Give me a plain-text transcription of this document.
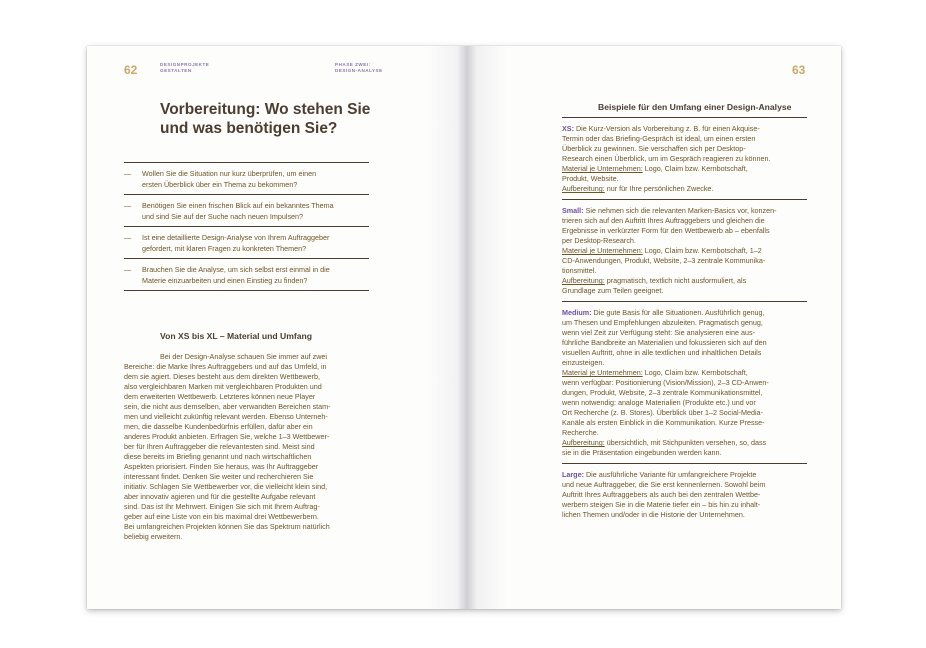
62	DESIGNPROJEKTE
GESTALTEN
PHASE ZWEI:
DESIGN-ANALYSE
Vorbereitung: Wo stehen Sie
und was benötigen Sie?
— Wollen Sie die Situation nur kurz überprüfen, um einen
ersten Überblick über ein Thema zu bekommen?
— Benötigen Sie einen frischen Blick auf ein bekanntes Thema
und sind Sie auf der Suche nach neuen Impulsen?
— Ist eine detaillierte Design-Analyse von Ihrem Auftraggeber
gefordert, mit klaren Fragen zu konkreten Themen?
— Brauchen Sie die Analyse, um sich selbst erst einmal in die
Materie einzuarbeiten und einen Einstieg zu finden?
Von XS bis XL – Material und Umfang
Bei der Design-Analyse schauen Sie immer auf zwei
Bereiche: die Marke Ihres Auftraggebers und auf das Umfeld, in
dem sie agiert. Dieses besteht aus dem direkten Wettbewerb,
also vergleichbaren Marken mit vergleichbaren Produkten und
dem erweiterten Wettbewerb. Letzteres können neue Player
sein, die nicht aus demselben, aber verwandten Bereichen stam-
men und vielleicht zukünftig relevant werden. Ebenso Unterneh-
men, die dasselbe Kundenbedürfnis erfüllen, dafür aber ein
anderes Produkt anbieten. Erfragen Sie, welche 1–3 Wettbewer-
ber für Ihren Auftraggeber die relevantesten sind. Meist sind
diese bereits im Briefing genannt und nach wirtschaftlichen
Aspekten priorisiert. Finden Sie heraus, was Ihr Auftraggeber
interessant findet. Denken Sie weiter und recherchieren Sie
initiativ. Schlagen Sie Wettbewerber vor, die vielleicht klein sind,
aber innovativ agieren und für die gestellte Aufgabe relevant
sind. Das ist Ihr Mehrwert. Einigen Sie sich mit Ihrem Auftrag-
geber auf eine Liste von ein bis maximal drei Wettbewerbern.
Bei umfangreichen Projekten können Sie das Spektrum natürlich
beliebig erweitern.
63
Beispiele für den Umfang einer Design-Analyse
XS: Die Kurz-Version als Vorbereitung z. B. für einen Akquise-
Termin oder das Briefing-Gespräch ist ideal, um einen ersten
Überblick zu gewinnen. Sie verschaffen sich per Desktop-
Research einen Überblick, um im Gespräch reagieren zu können.
Material je Unternehmen: Logo, Claim bzw. Kernbotschaft,
Produkt, Website.
Aufbereitung: nur für Ihre persönlichen Zwecke.
Small: Sie nehmen sich die relevanten Marken-Basics vor, konzen-
trieren sich auf den Auftritt Ihres Auftraggebers und gleichen die
Ergebnisse in verkürzter Form für den Wettbewerb ab – ebenfalls
per Desktop-Research.
Material je Unternehmen: Logo, Claim bzw. Kernbotschaft, 1–2
CD-Anwendungen, Produkt, Website, 2–3 zentrale Kommunika-
tionsmittel.
Aufbereitung: pragmatisch, textlich nicht ausformuliert, als
Grundlage zum Teilen geeignet.
Medium: Die gute Basis für alle Situationen. Ausführlich genug,
um Thesen und Empfehlungen abzuleiten. Pragmatisch genug,
wenn viel Zeit zur Verfügung steht: Sie analysieren eine aus-
führliche Bandbreite an Materialien und fokussieren sich auf den
visuellen Auftritt, ohne in alle textlichen und inhaltlichen Details
einzusteigen.
Material je Unternehmen: Logo, Claim bzw. Kernbotschaft,
wenn verfügbar: Positionierung (Vision/Mission), 2–3 CD-Anwen-
dungen, Produkt, Website, 2–3 zentrale Kommunikationsmittel,
wenn notwendig: analoge Materialien (Produkte etc.) und vor
Ort Recherche (z. B. Stores). Überblick über 1–2 Social-Media-
Kanäle als ersten Einblick in die Kommunikation. Kurze Presse-
Recherche.
Aufbereitung: übersichtlich, mit Stichpunkten versehen, so, dass
sie in die Präsentation eingebunden werden kann.
Large: Die ausführliche Variante für umfangreichere Projekte
und neue Auftraggeber, die Sie erst kennenlernen. Sowohl beim
Auftritt Ihres Auftraggebers als auch bei den zentralen Wettbe-
werbern steigen Sie in die Materie tiefer ein – bis hin zu inhalt-
lichen Themen und/oder in die Historie der Unternehmen.
